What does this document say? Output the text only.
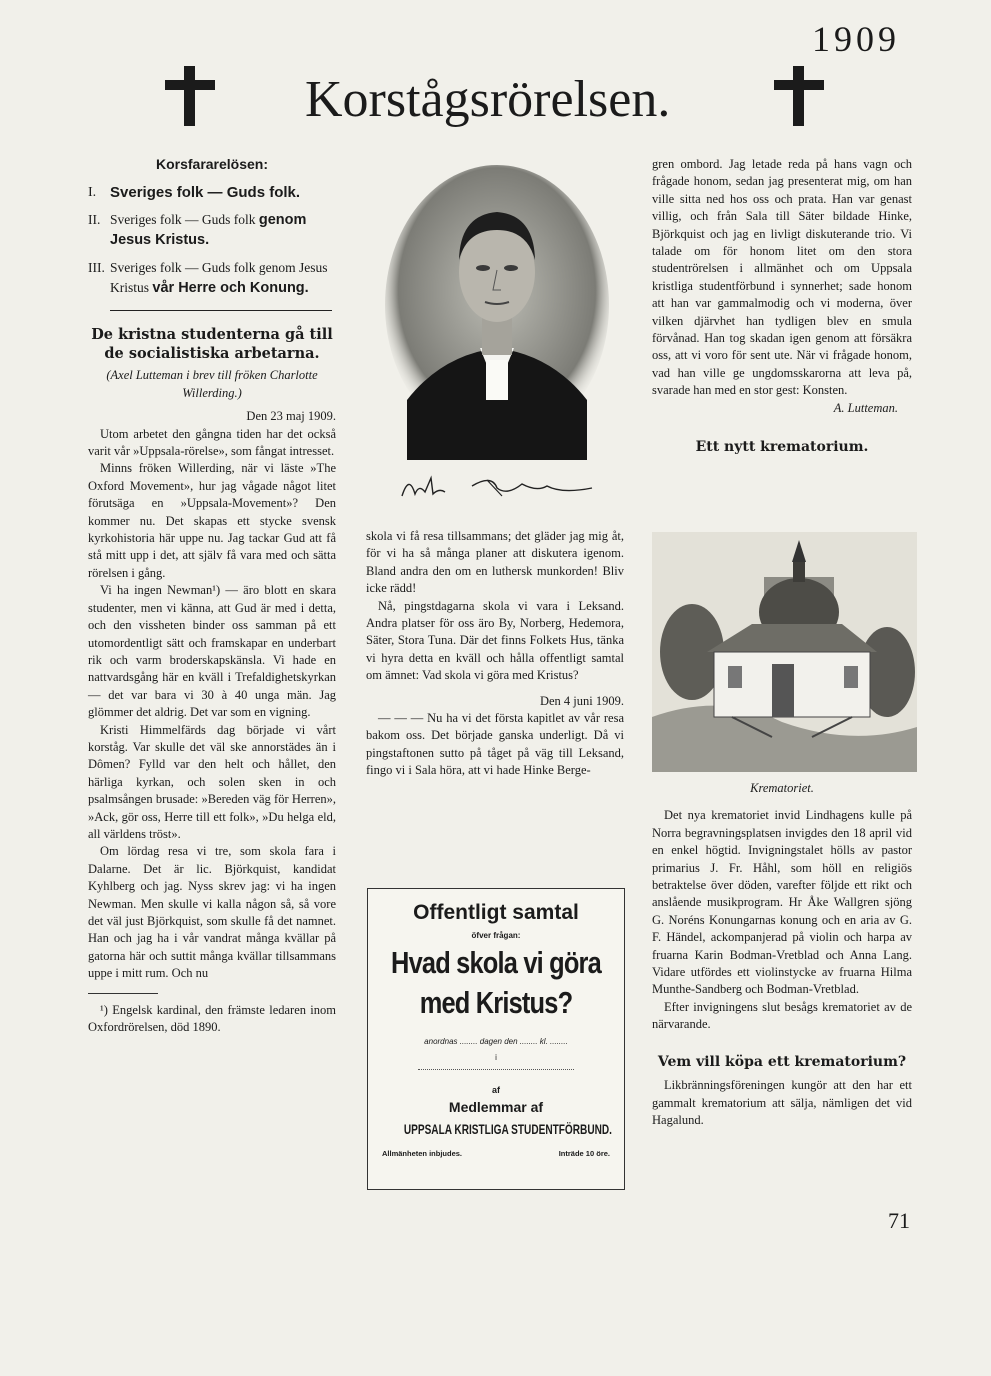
1909
Korstågsrörelsen.
Korsfararelösen:
I. Sveriges folk — Guds folk.
II. Sveriges folk — Guds folk genom Jesus Kristus.
III. Sveriges folk — Guds folk genom Jesus Kristus vår Herre och Konung.
De kristna studenterna gå till de socialistiska arbetarna.
(Axel Lutteman i brev till fröken Charlotte Willerding.)
Den 23 maj 1909.

Utom arbetet den gångna tiden har det också varit vår »Uppsala-rörelse», som fångat intresset.

Minns fröken Willerding, när vi läste »The Oxford Movement», hur jag vågade något litet förutsäga en »Uppsala-Movement»? Den kommer nu. Det skapas ett stycke svensk kyrkohistoria här uppe nu. Jag tackar Gud att få stå mitt upp i det, att själv få vara med och sätta rörelsen i gång.

Vi ha ingen Newman¹) — äro blott en skara studenter, men vi känna, att Gud är med i detta, och den vissheten binder oss samman på ett utomordentligt sätt och framskapar en underbart rik och varm broderskapskänsla. Vi hade en nattvardsgång här en kväll i Trefaldighetskyrkan — det var bara vi 30 à 40 unga män. Jag glömmer det aldrig. Det var som en vigning.

Kristi Himmelfärds dag började vi vårt korståg. Var skulle det väl ske annorstädes än i Dômen? Fylld var den helt och hållet, den härliga kyrkan, och solen sken in och psalmsången brusade: »Bereden väg för Herren», »Ack, gör oss, Herre till ett folk», »Du helga eld, all världens tröst».

Om lördag resa vi tre, som skola fara i Dalarne. Det är lic. Björkquist, kandidat Kyhlberg och jag. Nyss skrev jag: vi ha ingen Newman. Men skulle vi kalla någon så, så vore det väl just Björkquist, som skulle få det namnet. Han och jag ha i vår vandrat många kvällar på gatorna här och suttit många kvällar tillsammans uppe i mitt rum. Och nu

¹) Engelsk kardinal, den främste ledaren inom Oxfordrörelsen, död 1890.

skola vi få resa tillsammans; det gläder jag mig åt, för vi ha så många planer att diskutera igenom. Bland andra den om en luthersk munkorden! Bliv icke rädd!

Nå, pingstdagarna skola vi vara i Leksand. Andra platser för oss äro By, Norberg, Hedemora, Säter, Stora Tuna. Där det finns Folkets Hus, tänka vi hyra detta en kväll och hålla offentligt samtal om ämnet: Vad skola vi göra med Kristus?

Den 4 juni 1909.

— — — Nu ha vi det första kapitlet av vår resa bakom oss. Det började ganska underligt. Då vi pingstaftonen sutto på tåget på väg till Leksand, fingo vi i Sala höra, att vi hade Hinke Berge-

Offentligt samtal
öfver frågan:
Hvad skola vi göra
med Kristus?
anordnas ........ dagen den ........ kl. ........
i
af
Medlemmar af
UPPSALA KRISTLIGA STUDENTFÖRBUND.
Allmänheten inbjudes.	Inträde 10 öre.

gren ombord. Jag letade reda på hans vagn och frågade honom, sedan jag presenterat mig, om han ville sitta ned hos oss och prata. Han var genast villig, och från Sala till Säter bildade Hinke, Björkquist och jag en livligt diskuterande trio. Vi talade om för honom litet om den stora studentrörelsen i allmänhet och om Uppsala kristliga studentförbund i synnerhet; sade honom att han var gammalmodig och vi moderna, över vilken djärvhet han tydligen blev en smula förvånad. Han tog skadan igen genom att försäkra oss, att vi voro för sent ute. När vi frågade honom, vad han ville ge ungdomsskarorna att leva på, svarade han med en stor gest: Konsten.

A. Lutteman.
Ett nytt krematorium.
Krematoriet.

Det nya krematoriet invid Lindhagens kulle på Norra begravningsplatsen invigdes den 18 april vid en enkel högtid. Invigningstalet hölls av pastor primarius J. Fr. Håhl, som höll en religiös betraktelse över döden, varefter följde ett rikt och anslående musikprogram. Hr Åke Wallgren sjöng G. Noréns Konungarnas konung och en aria av G. F. Händel, ackompanjerad på violin och harpa av fruarna Karin Bodman-Vretblad och Anna Lang. Vidare utfördes ett violinstycke av fruarna Hilma Munthe-Sandberg och Bodman-Vretblad.

Efter invigningens slut besågs krematoriet av de närvarande.

Vem vill köpa ett krematorium?

Likbränningsföreningen kungör att den har ett gammalt krematorium att sälja, nämligen det vid Hagalund.

71
